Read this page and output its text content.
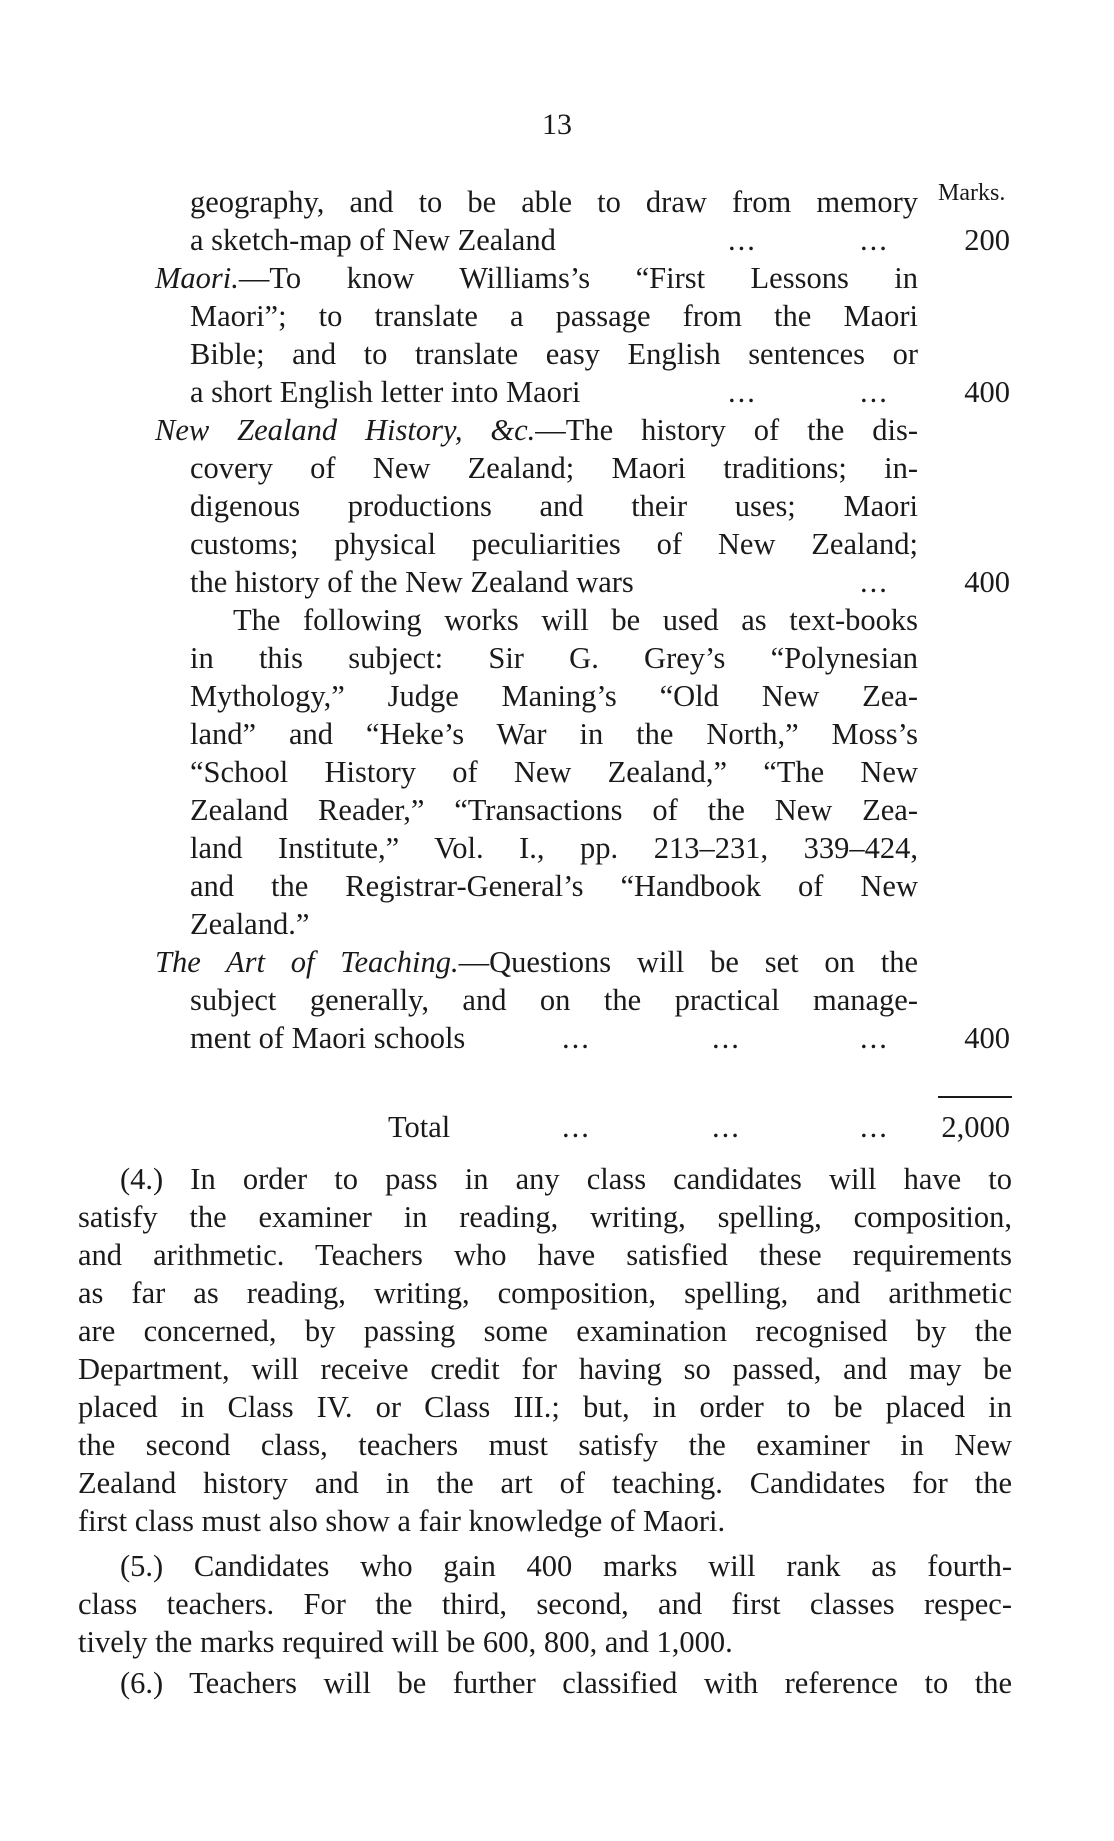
13
Marks.
geography, and to be able to draw from memory
a sketch-map of New Zealand	...	...	200
Maori.—To know Williams’s “First Lessons in
Maori”; to translate a passage from the Maori
Bible; and to translate easy English sentences or
a short English letter into Maori	...	...	400
New Zealand History, &c.—The history of the dis-
covery of New Zealand; Maori traditions; in-
digenous productions and their uses; Maori
customs; physical peculiarities of New Zealand;
the history of the New Zealand wars	...	400
The following works will be used as text-books
in this subject: Sir G. Grey’s “Polynesian
Mythology,” Judge Maning’s “Old New Zea-
land” and “Heke’s War in the North,” Moss’s
“School History of New Zealand,” “The New
Zealand Reader,” “Transactions of the New Zea-
land Institute,” Vol. I., pp. 213–231, 339–424,
and the Registrar-General’s “Handbook of New
Zealand.”
The Art of Teaching.—Questions will be set on the
subject generally, and on the practical manage-
ment of Maori schools	...	...	...	400
Total	...	...	... 2,000
(4.) In order to pass in any class candidates will have to
satisfy the examiner in reading, writing, spelling, composition,
and arithmetic. Teachers who have satisfied these requirements
as far as reading, writing, composition, spelling, and arithmetic
are concerned, by passing some examination recognised by the
Department, will receive credit for having so passed, and may be
placed in Class IV. or Class III.; but, in order to be placed in
the second class, teachers must satisfy the examiner in New
Zealand history and in the art of teaching. Candidates for the
first class must also show a fair knowledge of Maori.
(5.) Candidates who gain 400 marks will rank as fourth-
class teachers. For the third, second, and first classes respec-
tively the marks required will be 600, 800, and 1,000.
(6.) Teachers will be further classified with reference to the
